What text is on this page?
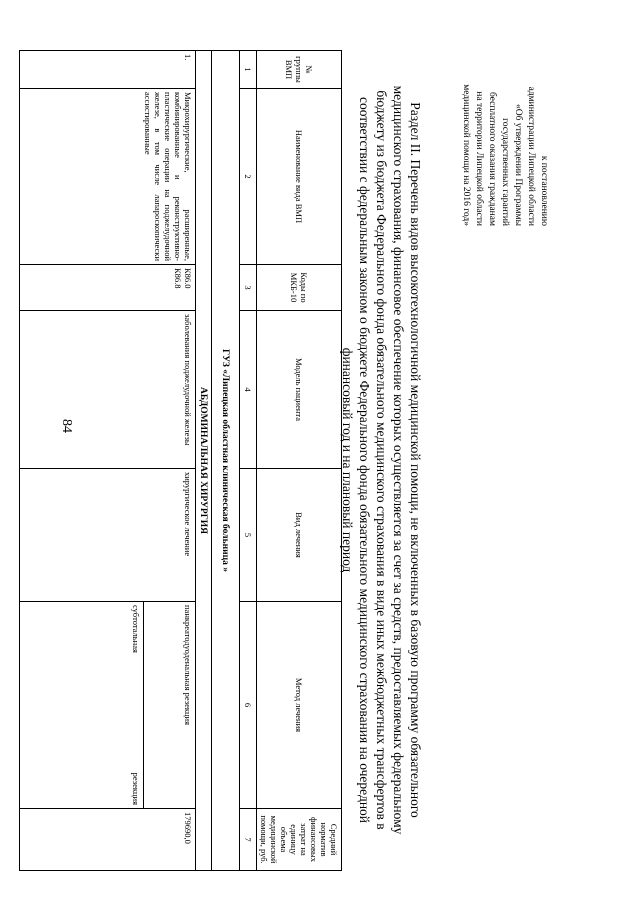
84
к постановлению
администрации Липецкой области
«Об утверждении Программы
государственных гарантий
бесплатного оказания гражданам
на территории Липецкой области
медицинской помощи на 2016 год»
Раздел II. Перечень видов высокотехнологичной медицинской помощи, не включенных в базовую программу обязательного медицинского страхования, финансовое обеспечение которых осуществляется за счет за средств, предоставляемых федеральному бюджету из бюджета Федерального фонда обязательного медицинского страхования в виде иных межбюджетных трансфертов в соответствии с федеральным законом о бюджете Федерального фонда обязательного медицинского страхования на очередной финансовый год и на плановый период
№ группы ВМП	Наименование вида ВМП	Коды по МКБ-10	Модель пациента	Вид лечения	Метод лечения	Средний норматив финансовых затрат на единицу объема медицинской помощи, руб.
1	2	3	4	5	6	7
ГУЗ «Липецкая областная клиническая больница »						
АБДОМИНАЛЬНАЯ ХИРУРГИЯ						
1.	Микрохирургические, расширенные, комбинированные и реконструктивно-пластические операции на поджелудочной железе, в том числе лапароскопически ассистированные	К86.0 К86.8	заболевания поджелудочной железы	хирургическое лечение	панкреатодуоденальная резекция	179690,0
					субтотальная резекция	
